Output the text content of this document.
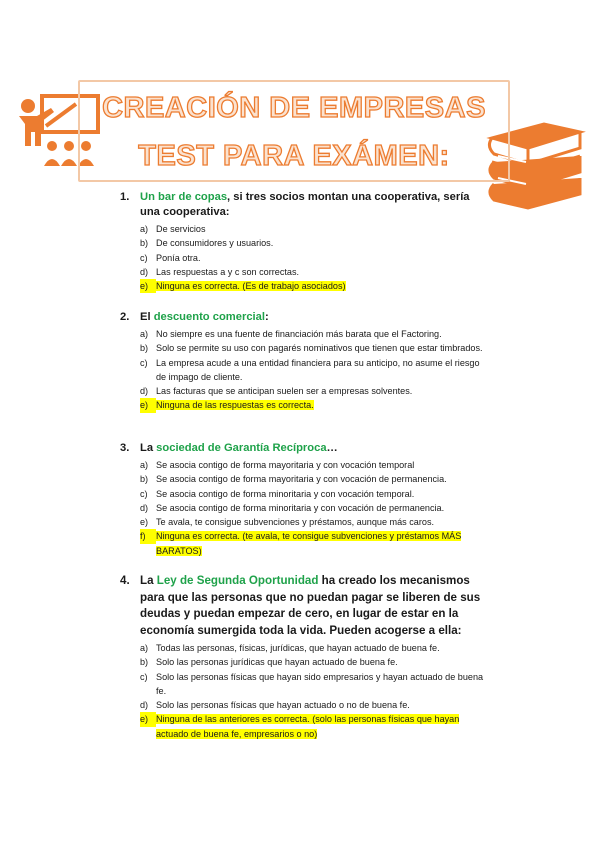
CREACIÓN DE EMPRESAS
TEST PARA EXÁMEN:

1. Un bar de copas, si tres socios montan una cooperativa, sería una cooperativa:

a) De servicios
b) De consumidores y usuarios.
c) Ponía otra.
d) Las respuestas a y c son correctas.
e) Ninguna es correcta. (Es de trabajo asociados)

2. El descuento comercial:

a) No siempre es una fuente de financiación más barata que el Factoring.
b) Solo se permite su uso con pagarés nominativos que tienen que estar timbrados.
c) La empresa acude a una entidad financiera para su anticipo, no asume el riesgo de impago de cliente.
d) Las facturas que se anticipan suelen ser a empresas solventes.
e) Ninguna de las respuestas es correcta.

3. La sociedad de Garantía Recíproca…

a) Se asocia contigo de forma mayoritaria y con vocación temporal
b) Se asocia contigo de forma mayoritaria y con vocación de permanencia.
c) Se asocia contigo de forma minoritaria y con vocación temporal.
d) Se asocia contigo de forma minoritaria y con vocación de permanencia.
e) Te avala, te consigue subvenciones y préstamos, aunque más caros.
f)	Ninguna es correcta. (te avala, te consigue subvenciones y préstamos MÁS BARATOS)

4. La Ley de Segunda Oportunidad ha creado los mecanismos para que las personas que no puedan pagar se liberen de sus deudas y puedan empezar de cero, en lugar de estar en la economía sumergida toda la vida. Pueden acogerse a ella:

a) Todas las personas, físicas, jurídicas, que hayan actuado de buena fe.
b) Solo las personas jurídicas que hayan actuado de buena fe.
c) Solo las personas físicas que hayan sido empresarios y hayan actuado de buena fe.
d) Solo las personas físicas que hayan actuado o no de buena fe.
e) Ninguna de las anteriores es correcta. (solo las personas físicas que hayan actuado de buena fe, empresarios o no)
